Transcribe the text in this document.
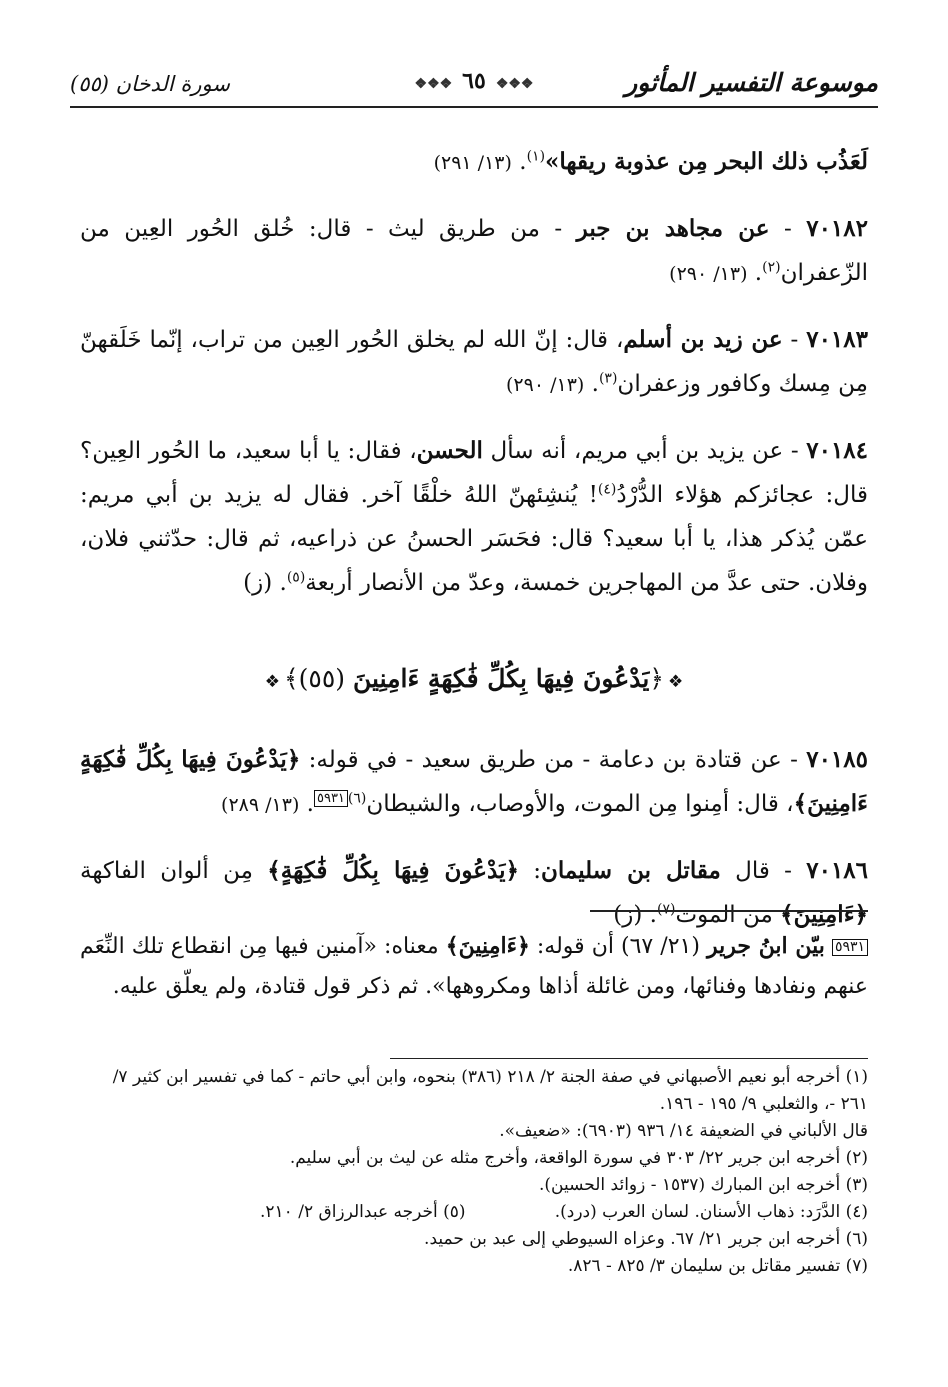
موسوعة التفسير المأثور
❖❖❖٦٥❖❖❖
سورة الدخان (٥٥)

لَعَذُب ذلك البحر مِن عذوبة ريقها»$^{(١)}$. (١٣/ ٢٩١)

٧٠١٨٢ - عن مجاهد بن جبر - من طريق ليث - قال: خُلق الحُور العِين من الزّعفران$^{(٢)}$. (١٣/ ٢٩٠)

٧٠١٨٣ - عن زيد بن أسلم، قال: إنّ الله لم يخلق الحُور العِين من تراب، إنّما خَلَقهنّ مِن مِسك وكافور وزعفران$^{(٣)}$. (١٣/ ٢٩٠)

٧٠١٨٤ - عن يزيد بن أبي مريم، أنه سأل الحسن، فقال: يا أبا سعيد، ما الحُور العِين؟ قال: عجائزكم هؤلاء الدُّرْدُ$^{(٤)}$! يُنشِئهنّ اللهُ خلْقًا آخر. فقال له يزيد بن أبي مريم: عمّن يُذكر هذا، يا أبا سعيد؟ قال: فحَسَر الحسنُ عن ذراعيه، ثم قال: حدّثني فلان، وفلان. حتى عدَّ من المهاجرين خمسة، وعدّ من الأنصار أربعة$^{(٥)}$. (ز)

❖﴿يَدْعُونَ فِيهَا بِكُلِّ فَٰكِهَةٍ ءَامِنِينَ (٥٥)﴾❖

٧٠١٨٥ - عن قتادة بن دعامة - من طريق سعيد - في قوله: ﴿يَدْعُونَ فِيهَا بِكُلِّ فَٰكِهَةٍ ءَامِنِينَ﴾، قال: أمِنوا مِن الموت، والأوصاب، والشيطان$^{(٦)}$٥٩٣١. (١٣/ ٢٨٩)

٧٠١٨٦ - قال مقاتل بن سليمان: ﴿يَدْعُونَ فِيهَا بِكُلِّ فَٰكِهَةٍ﴾ مِن ألوان الفاكهة ﴿ءَامِنِينَ﴾ من الموت$^{(٧)}$. (ز)

٥٩٣١ بيّن ابنُ جرير (٢١/ ٦٧) أن قوله: ﴿ءَامِنِينَ﴾ معناه: «آمنين فيها مِن انقطاع تلك النِّعَم عنهم ونفادها وفنائها، ومن غائلة أذاها ومكروهها». ثم ذكر قول قتادة، ولم يعلّق عليه.

(١) أخرجه أبو نعيم الأصبهاني في صفة الجنة ٢/ ٢١٨ (٣٨٦) بنحوه، وابن أبي حاتم - كما في تفسير ابن كثير ٧/ ٢٦١ -، والثعلبي ٩/ ١٩٥ - ١٩٦.

قال الألباني في الضعيفة ١٤/ ٩٣٦ (٦٩٠٣): «ضعيف».

(٢) أخرجه ابن جرير ٢٢/ ٣٠٣ في سورة الواقعة، وأخرج مثله عن ليث بن أبي سليم.

(٣) أخرجه ابن المبارك (١٥٣٧ - زوائد الحسين).

(٤) الدَّرَد: ذهاب الأسنان. لسان العرب (درد).
(٥) أخرجه عبدالرزاق ٢/ ٢١٠.

(٦) أخرجه ابن جرير ٢١/ ٦٧. وعزاه السيوطي إلى عبد بن حميد.

(٧) تفسير مقاتل بن سليمان ٣/ ٨٢٥ - ٨٢٦.
